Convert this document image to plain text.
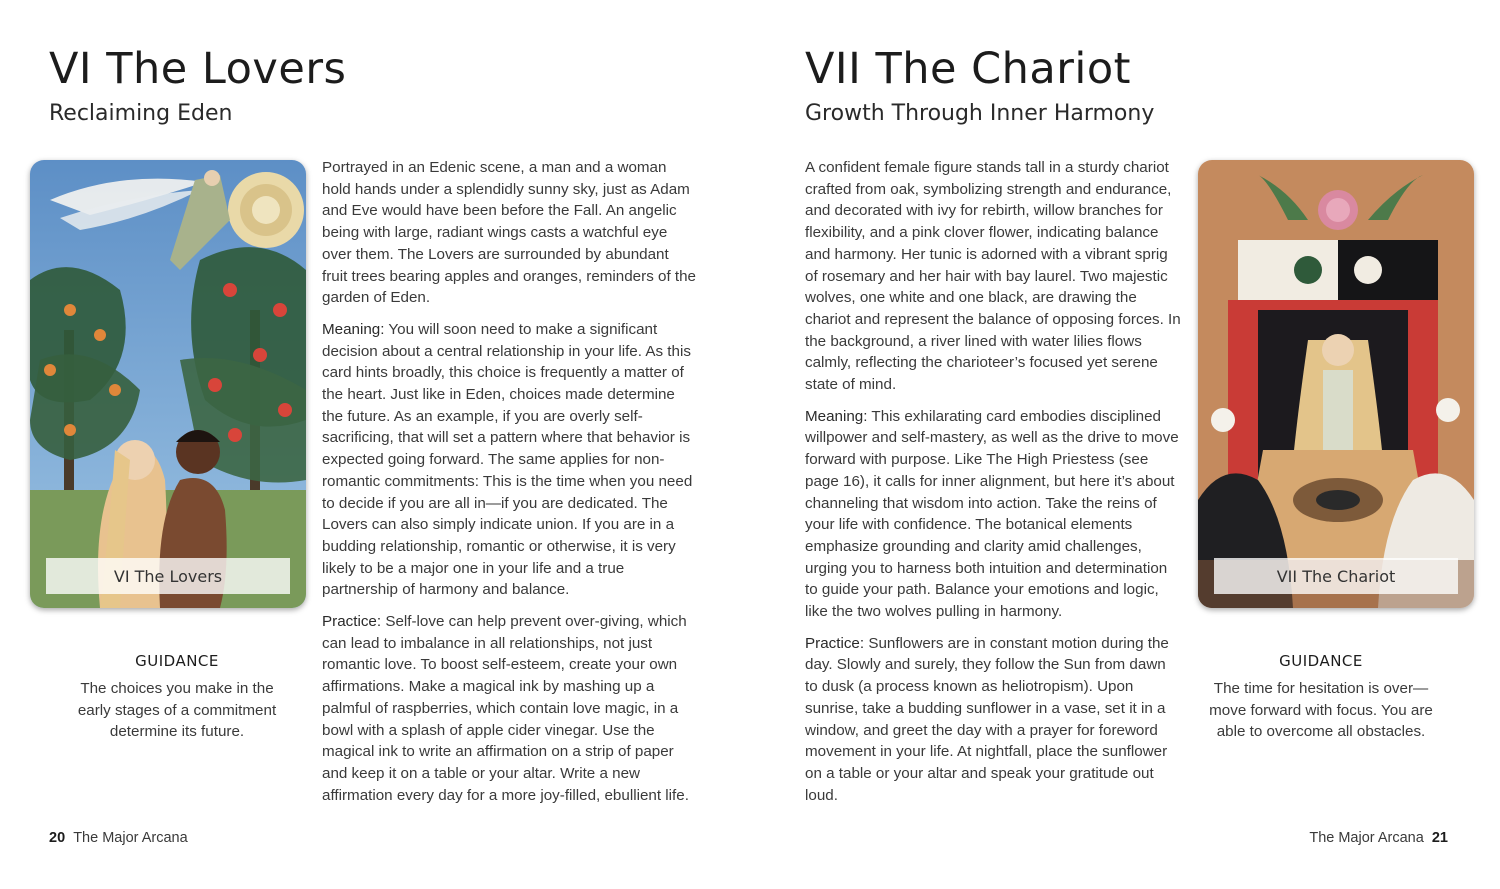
VI The Lovers
Reclaiming Eden
VI The Lovers

Portrayed in an Edenic scene, a man and a woman hold hands under a splendidly sunny sky, just as Adam and Eve would have been before the Fall. An angelic being with large, radiant wings casts a watchful eye over them. The Lovers are surrounded by abundant fruit trees bearing apples and oranges, reminders of the garden of Eden.

Meaning: You will soon need to make a significant decision about a central relationship in your life. As this card hints broadly, this choice is frequently a matter of the heart. Just like in Eden, choices made determine the future. As an example, if you are overly self-sacrificing, that will set a pattern where that behavior is expected going forward. The same applies for non-romantic commitments: This is the time when you need to decide if you are all in—if you are dedicated. The Lovers can also simply indicate union. If you are in a budding relationship, romantic or otherwise, it is very likely to be a major one in your life and a true partnership of harmony and balance.

Practice: Self-love can help prevent over-giving, which can lead to imbalance in all relationships, not just romantic love. To boost self-esteem, create your own affirmations. Make a magical ink by mashing up a palmful of raspberries, which contain love magic, in a bowl with a splash of apple cider vinegar. Use the magical ink to write an affirmation on a strip of paper and keep it on a table or your altar. Write a new affirmation every day for a more joy-filled, ebullient life.

GUIDANCE
The choices you make in the early stages of a commitment determine its future.
20 The Major Arcana
VII The Chariot
Growth Through Inner Harmony

A confident female figure stands tall in a sturdy chariot crafted from oak, symbolizing strength and endurance, and decorated with ivy for rebirth, willow branches for flexibility, and a pink clover flower, indicating balance and harmony. Her tunic is adorned with a vibrant sprig of rosemary and her hair with bay laurel. Two majestic wolves, one white and one black, are drawing the chariot and represent the balance of opposing forces. In the background, a river lined with water lilies flows calmly, reflecting the charioteer’s focused yet serene state of mind.

Meaning: This exhilarating card embodies disciplined willpower and self-mastery, as well as the drive to move forward with purpose. Like The High Priestess (see page 16), it calls for inner alignment, but here it’s about channeling that wisdom into action. Take the reins of your life with confidence. The botanical elements emphasize grounding and clarity amid challenges, urging you to harness both intuition and determination to guide your path. Balance your emotions and logic, like the two wolves pulling in harmony.

Practice: Sunflowers are in constant motion during the day. Slowly and surely, they follow the Sun from dawn to dusk (a process known as heliotropism). Upon sunrise, take a budding sunflower in a vase, set it in a window, and greet the day with a prayer for foreword movement in your life. At nightfall, place the sunflower on a table or your altar and speak your gratitude out loud.

VII The Chariot
GUIDANCE
The time for hesitation is over—move forward with focus. You are able to overcome all obstacles.
The Major Arcana 21
